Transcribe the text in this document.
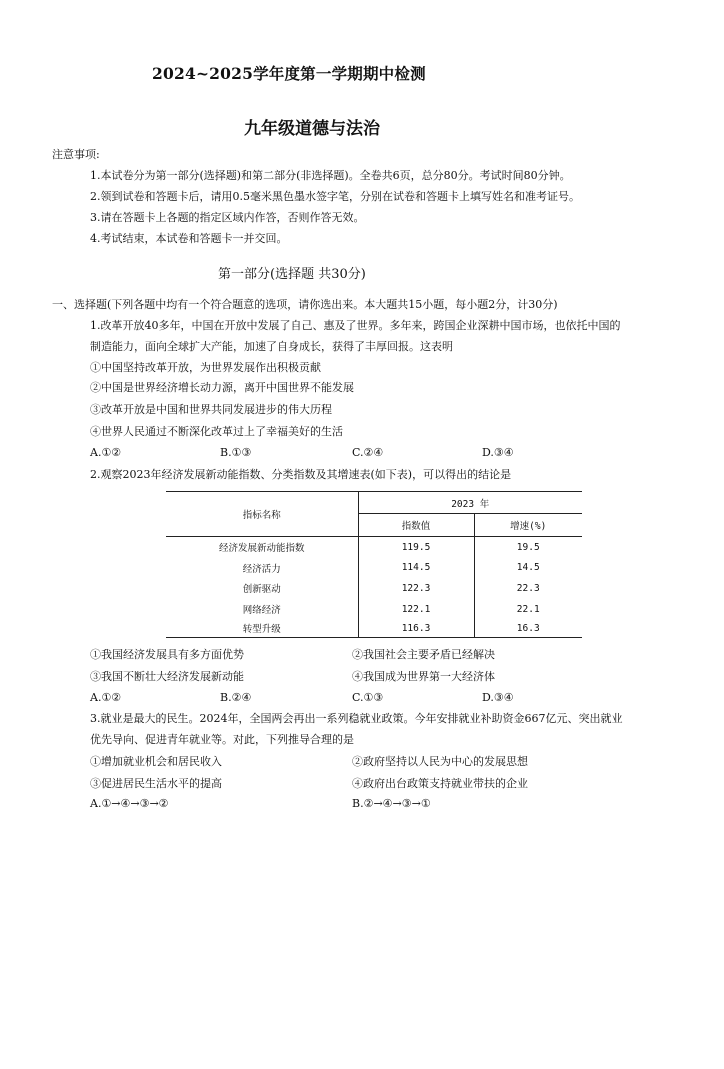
2024~2025学年度第一学期期中检测
九年级道德与法治
注意事项:
1.本试卷分为第一部分(选择题)和第二部分(非选择题)。全卷共6页，总分80分。考试时间80分钟。
2.领到试卷和答题卡后，请用0.5毫米黑色墨水签字笔，分别在试卷和答题卡上填写姓名和准考证号。
3.请在答题卡上各题的指定区域内作答，否则作答无效。
4.考试结束，本试卷和答题卡一并交回。
第一部分(选择题 共30分)
一、选择题(下列各题中均有一个符合题意的选项，请你选出来。本大题共15小题，每小题2分，计30分)
1.改革开放40多年，中国在开放中发展了自己、惠及了世界。多年来，跨国企业深耕中国市场，也依托中国的
制造能力，面向全球扩大产能，加速了自身成长，获得了丰厚回报。这表明
①中国坚持改革开放，为世界发展作出积极贡献
②中国是世界经济增长动力源，离开中国世界不能发展
③改革开放是中国和世界共同发展进步的伟大历程
④世界人民通过不断深化改革过上了幸福美好的生活
A.①②	B.①③	C.②④	D.③④
2.观察2023年经济发展新动能指数、分类指数及其增速表(如下表)，可以得出的结论是
指标名称	2023 年	
	指数值	增速(%)
经济发展新动能指数	119.5	19.5
经济活力	114.5	14.5
创新驱动	122.3	22.3
网络经济	122.1	22.1
转型升级	116.3	16.3
①我国经济发展具有多方面优势	②我国社会主要矛盾已经解决
③我国不断壮大经济发展新动能	④我国成为世界第一大经济体
A.①②	B.②④	C.①③	D.③④
3.就业是最大的民生。2024年，全国两会再出一系列稳就业政策。今年安排就业补助资金667亿元、突出就业
优先导向、促进青年就业等。对此，下列推导合理的是
①增加就业机会和居民收入	②政府坚持以人民为中心的发展思想
③促进居民生活水平的提高	④政府出台政策支持就业带扶的企业
A.①→④→③→②	B.②→④→③→①
